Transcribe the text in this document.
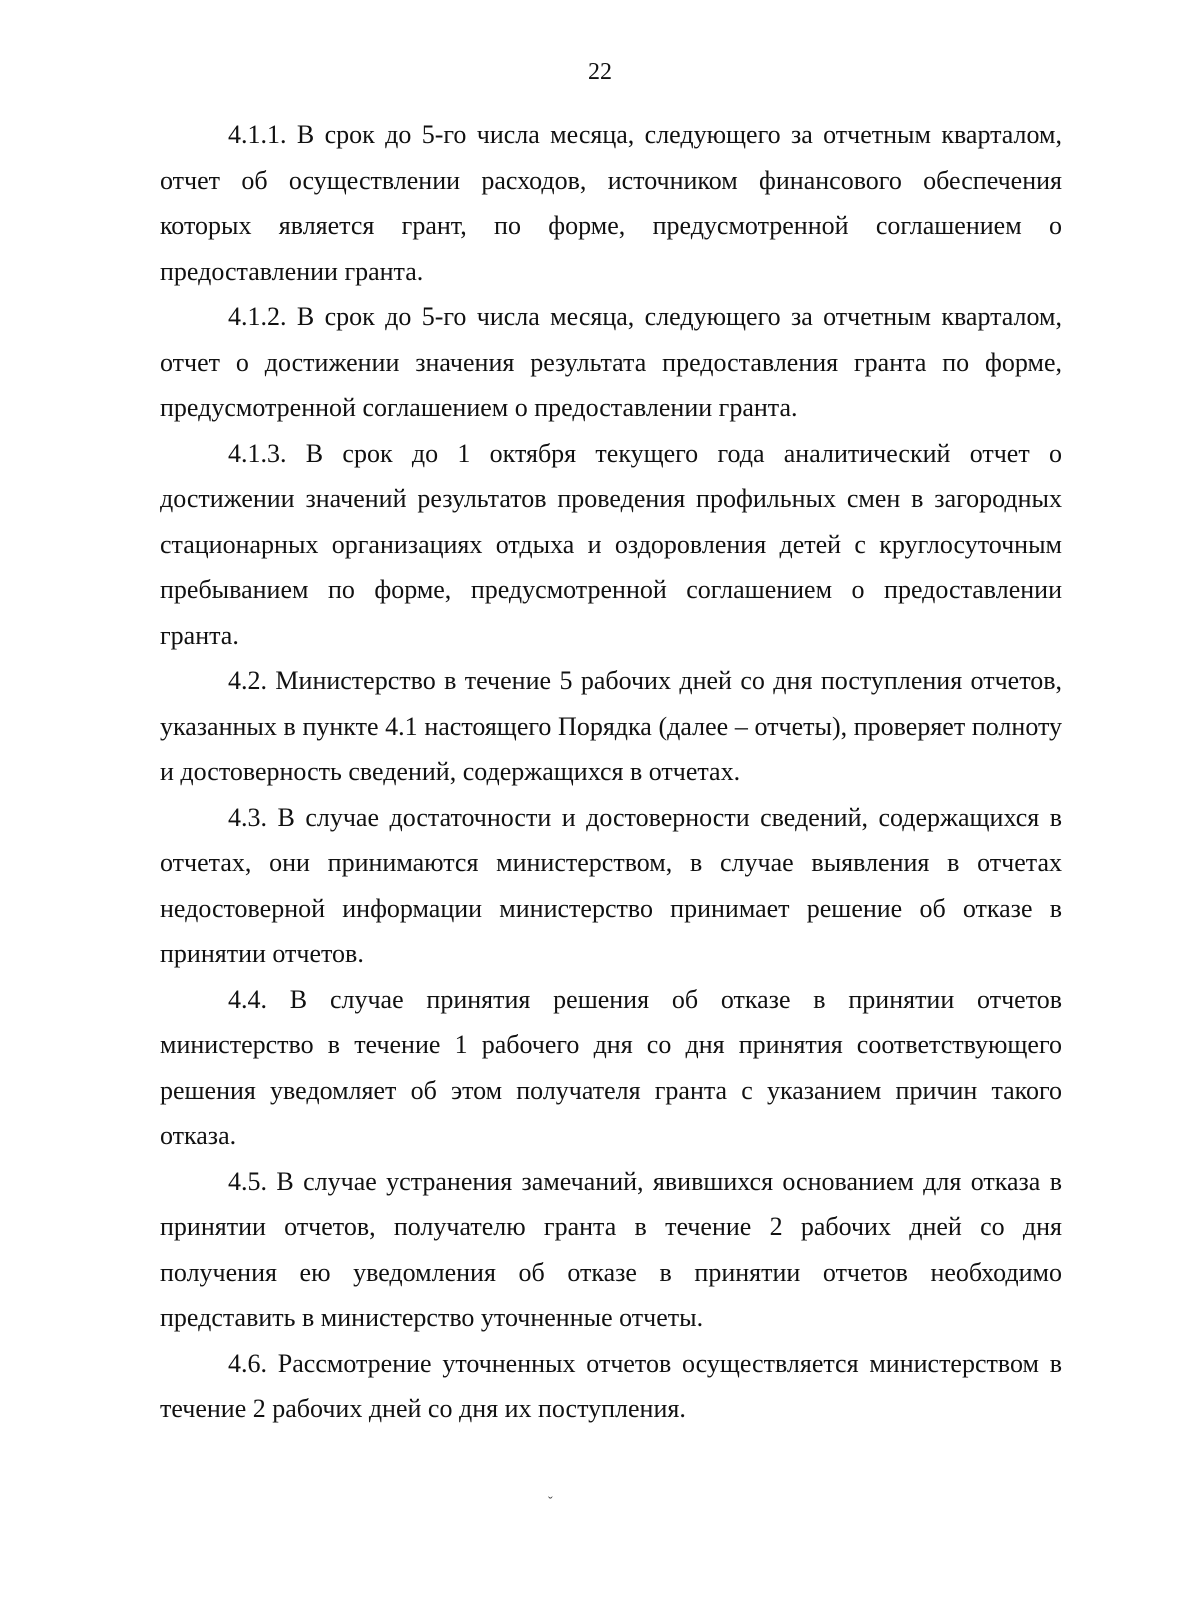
22

4.1.1. В срок до 5-го числа месяца, следующего за отчетным кварталом, отчет об осуществлении расходов, источником финансового обеспечения которых является грант, по форме, предусмотренной соглашением о предоставлении гранта.

4.1.2. В срок до 5-го числа месяца, следующего за отчетным кварталом, отчет о достижении значения результата предоставления гранта по форме, предусмотренной соглашением о предоставлении гранта.

4.1.3. В срок до 1 октября текущего года аналитический отчет о достижении значений результатов проведения профильных смен в загородных стационарных организациях отдыха и оздоровления детей с круглосуточным пребыванием по форме, предусмотренной соглашением о предоставлении гранта.

4.2. Министерство в течение 5 рабочих дней со дня поступления отчетов, указанных в пункте 4.1 настоящего Порядка (далее – отчеты), проверяет полноту и достоверность сведений, содержащихся в отчетах.

4.3. В случае достаточности и достоверности сведений, содержащихся в отчетах, они принимаются министерством, в случае выявления в отчетах недостоверной информации министерство принимает решение об отказе в принятии отчетов.

4.4. В случае принятия решения об отказе в принятии отчетов министерство в течение 1 рабочего дня со дня принятия соответствующего решения уведомляет об этом получателя гранта с указанием причин такого отказа.

4.5. В случае устранения замечаний, явившихся основанием для отказа в принятии отчетов, получателю гранта в течение 2 рабочих дней со дня получения ею уведомления об отказе в принятии отчетов необходимо представить в министерство уточненные отчеты.

4.6. Рассмотрение уточненных отчетов осуществляется министерством в течение 2 рабочих дней со дня их поступления.

ˇ
